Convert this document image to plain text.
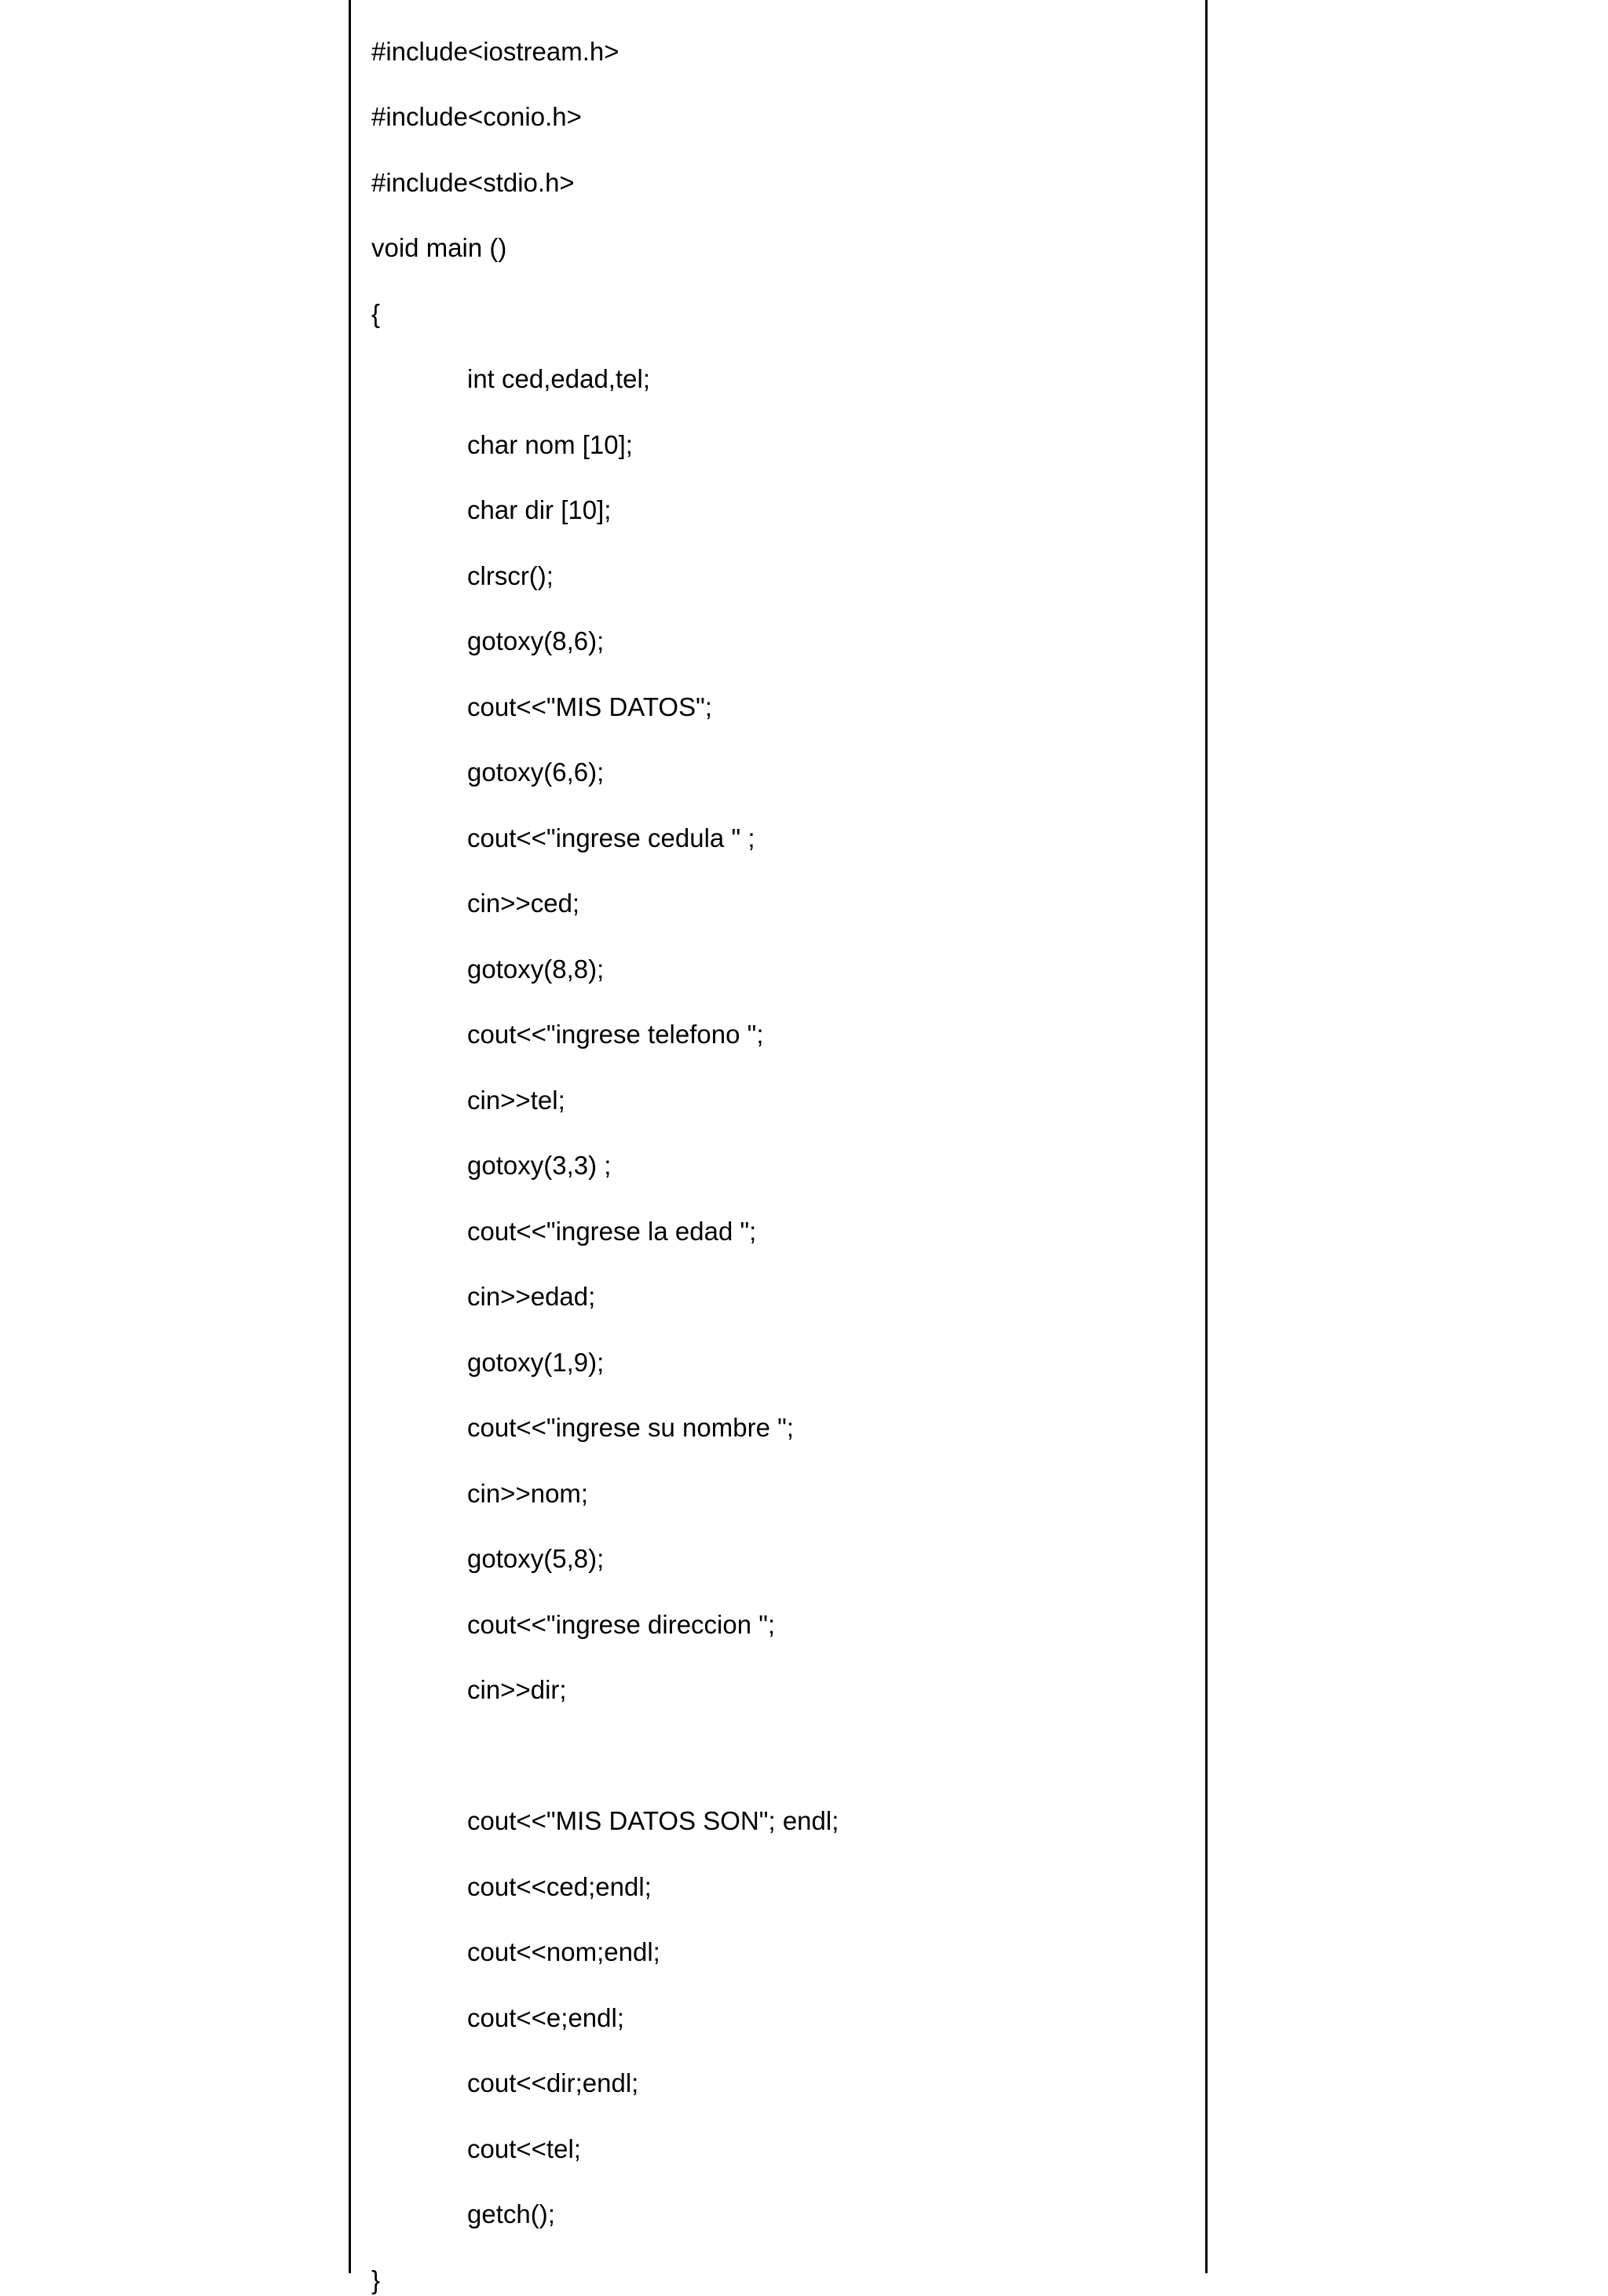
#include<iostream.h>
#include<conio.h>
#include<stdio.h>
void main ()
{
int ced,edad,tel;
char nom [10];
char dir [10];
clrscr();
gotoxy(8,6);
cout<<"MIS DATOS";
gotoxy(6,6);
cout<<"ingrese cedula " ;
cin>>ced;
gotoxy(8,8);
cout<<"ingrese telefono ";
cin>>tel;
gotoxy(3,3) ;
cout<<"ingrese la edad ";
cin>>edad;
gotoxy(1,9);
cout<<"ingrese su nombre ";
cin>>nom;
gotoxy(5,8);
cout<<"ingrese direccion ";
cin>>dir;
cout<<"MIS DATOS SON"; endl;
cout<<ced;endl;
cout<<nom;endl;
cout<<e;endl;
cout<<dir;endl;
cout<<tel;
getch();
}
